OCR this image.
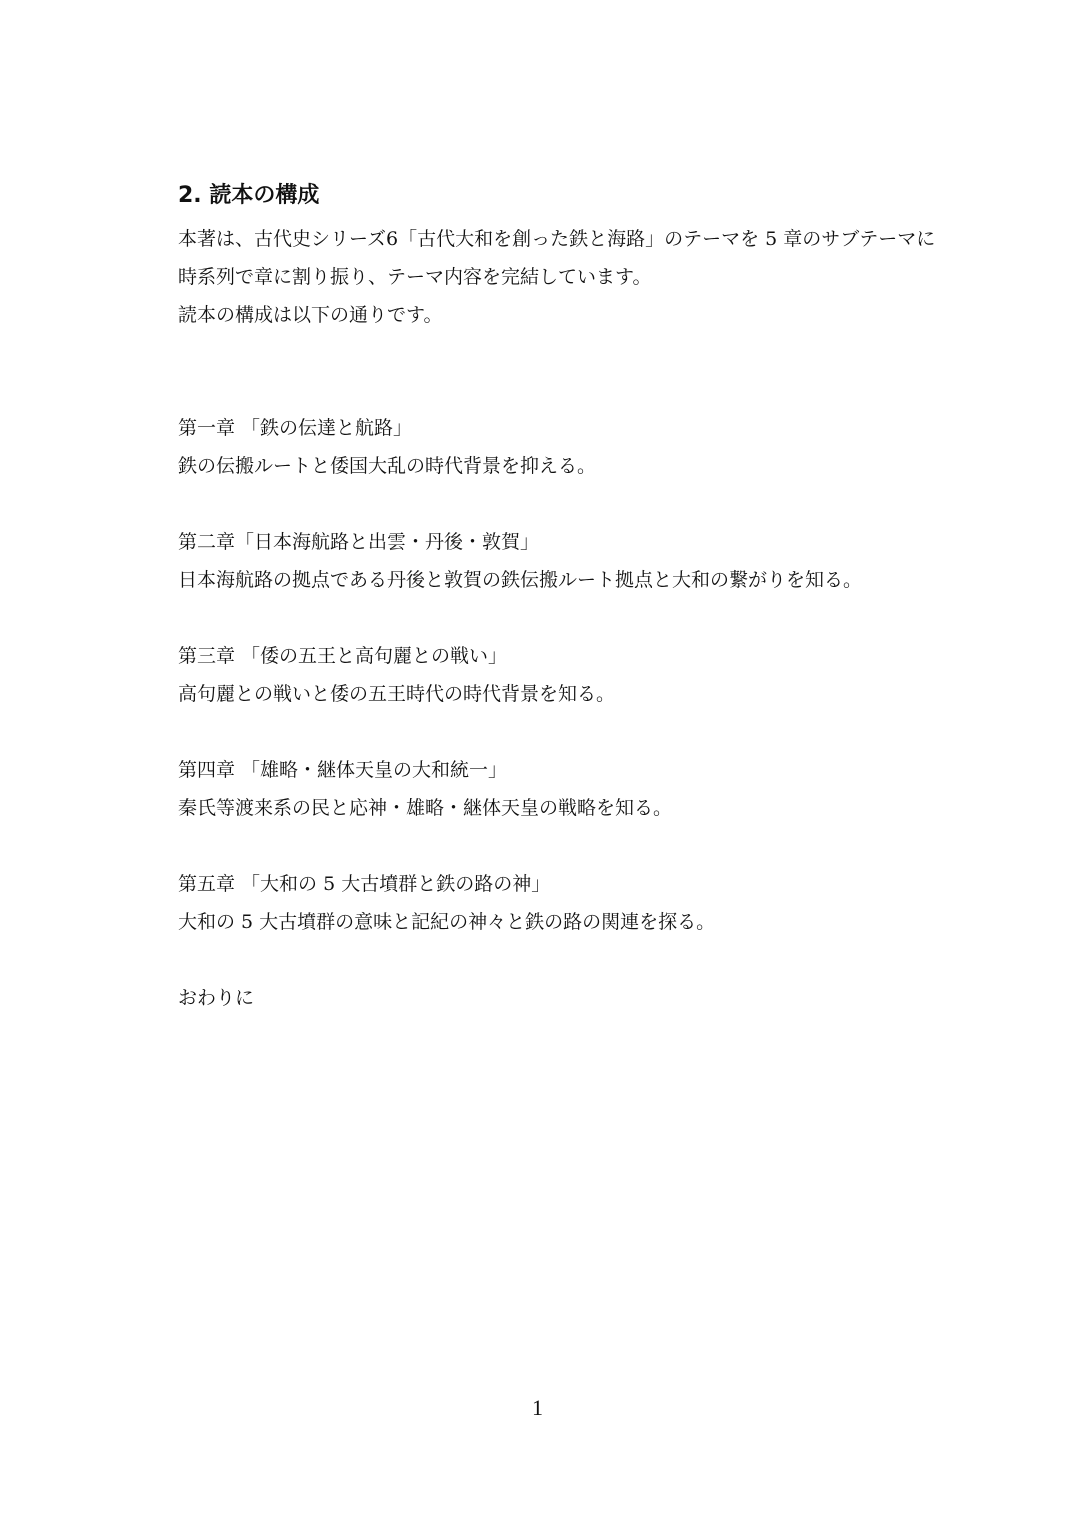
2. 読本の構成
本著は、古代史シリーズ6「古代大和を創った鉄と海路」のテーマを 5 章のサブテーマに
時系列で章に割り振り、テーマ内容を完結しています。
読本の構成は以下の通りです。
第一章 「鉄の伝達と航路」
鉄の伝搬ルートと倭国大乱の時代背景を抑える。
第二章「日本海航路と出雲・丹後・敦賀」
日本海航路の拠点である丹後と敦賀の鉄伝搬ルート拠点と大和の繋がりを知る。
第三章 「倭の五王と高句麗との戦い」
高句麗との戦いと倭の五王時代の時代背景を知る。
第四章 「雄略・継体天皇の大和統一」
秦氏等渡来系の民と応神・雄略・継体天皇の戦略を知る。
第五章 「大和の 5 大古墳群と鉄の路の神」
大和の 5 大古墳群の意味と記紀の神々と鉄の路の関連を探る。
おわりに
1
